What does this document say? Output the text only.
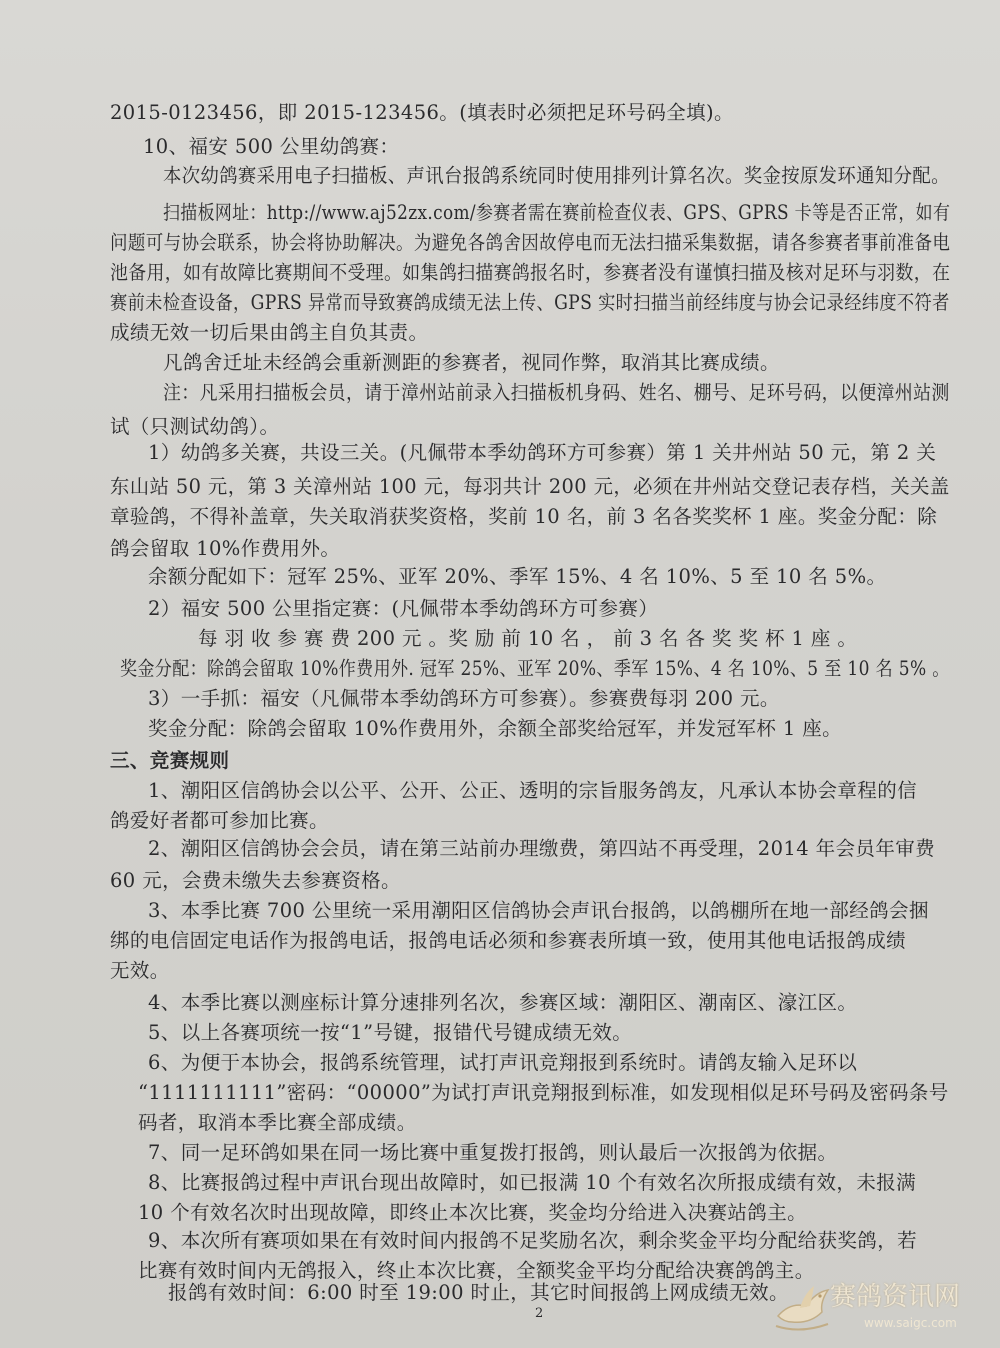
2015-0123456，即 2015-123456。(填表时必须把足环号码全填)。
10、福安 500 公里幼鸽赛：
本次幼鸽赛采用电子扫描板、声讯台报鸽系统同时使用排列计算名次。奖金按原发环通知分配。
扫描板网址：http://www.aj52zx.com/参赛者需在赛前检查仪表、GPS、GPRS 卡等是否正常，如有
问题可与协会联系，协会将协助解决。为避免各鸽舍因故停电而无法扫描采集数据，请各参赛者事前准备电
池备用，如有故障比赛期间不受理。如集鸽扫描赛鸽报名时，参赛者没有谨慎扫描及核对足环与羽数，在
赛前未检查设备，GPRS 异常而导致赛鸽成绩无法上传、GPS 实时扫描当前经纬度与协会记录经纬度不符者
成绩无效一切后果由鸽主自负其责。
凡鸽舍迁址未经鸽会重新测距的参赛者，视同作弊，取消其比赛成绩。
注：凡采用扫描板会员，请于漳州站前录入扫描板机身码、姓名、棚号、足环号码，以便漳州站测
试（只测试幼鸽）。
1）幼鸽多关赛，共设三关。(凡佩带本季幼鸽环方可参赛）第 1 关井州站 50 元，第 2 关
东山站 50 元，第 3 关漳州站 100 元，每羽共计 200 元，必须在井州站交登记表存档，关关盖
章验鸽，不得补盖章，失关取消获奖资格，奖前 10 名，前 3 名各奖奖杯 1 座。奖金分配：除
鸽会留取 10%作费用外。
余额分配如下：冠军 25%、亚军 20%、季军 15%、4 名 10%、5 至 10 名 5%。
2）福安 500 公里指定赛：(凡佩带本季幼鸽环方可参赛）
每 羽 收 参 赛 费 200 元 。奖 励 前 10 名 ， 前 3 名 各 奖 奖 杯 1 座 。
奖金分配：除鸽会留取 10%作费用外. 冠军 25%、亚军 20%、季军 15%、4 名 10%、5 至 10 名 5% 。
3）一手抓：福安（凡佩带本季幼鸽环方可参赛）。参赛费每羽 200 元。
奖金分配：除鸽会留取 10%作费用外，余额全部奖给冠军，并发冠军杯 1 座。
三、竞赛规则
1、潮阳区信鸽协会以公平、公开、公正、透明的宗旨服务鸽友，凡承认本协会章程的信
鸽爱好者都可参加比赛。
2、潮阳区信鸽协会会员，请在第三站前办理缴费，第四站不再受理，2014 年会员年审费
60 元，会费未缴失去参赛资格。
3、本季比赛 700 公里统一采用潮阳区信鸽协会声讯台报鸽，以鸽棚所在地一部经鸽会捆
绑的电信固定电话作为报鸽电话，报鸽电话必须和参赛表所填一致，使用其他电话报鸽成绩
无效。
4、本季比赛以测座标计算分速排列名次，参赛区域：潮阳区、潮南区、濠江区。
5、以上各赛项统一按“1”号键，报错代号键成绩无效。
6、为便于本协会，报鸽系统管理，试打声讯竞翔报到系统时。请鸽友输入足环以
“1111111111”密码：“00000”为试打声讯竞翔报到标准，如发现相似足环号码及密码条号
码者，取消本季比赛全部成绩。
7、同一足环鸽如果在同一场比赛中重复拨打报鸽，则认最后一次报鸽为依据。
8、比赛报鸽过程中声讯台现出故障时，如已报满 10 个有效名次所报成绩有效，未报满
10 个有效名次时出现故障，即终止本次比赛，奖金均分给进入决赛站鸽主。
9、本次所有赛项如果在有效时间内报鸽不足奖励名次，剩余奖金平均分配给获奖鸽，若
比赛有效时间内无鸽报入，终止本次比赛，全额奖金平均分配给决赛鸽鸽主。
报鸽有效时间：6:00 时至 19:00 时止，其它时间报鸽上网成绩无效。
2
赛鸽资讯网
www.saigc.com
